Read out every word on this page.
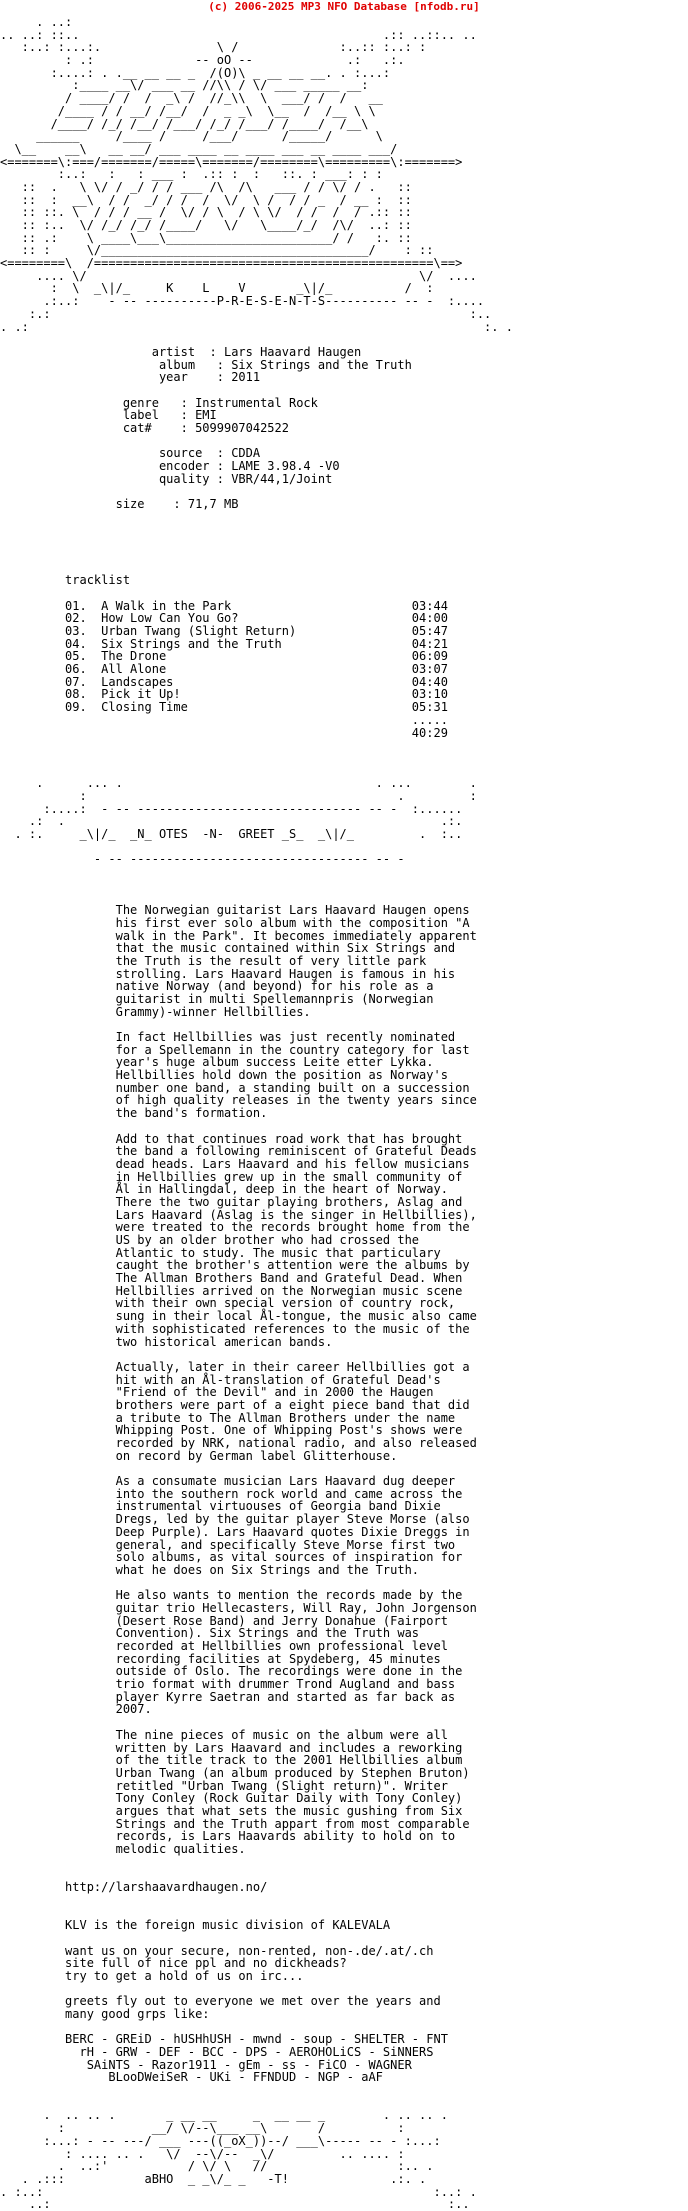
(c) 2006-2025 MP3 NFO Database [nfodb.ru]
. ..:
.. ..: ::..                                          .:: ..::.. ..
:..: :...:.                \ /              :..:: :..: :
: .:              -- oO --             .:   .:.
:....: . .__ __ __ _  /(O)\ _ __ __ __. . :...:
:____ __\/ ___ __ //\\ / \/ ___ _____ __:
/ ____/ /  /  _\ /  //_\\  \  ___/ /  /   __
/____ / / __/ /__/  /  _ _\  \__  /  /__ \ \
/____/ /_/ /__/ /___/ /_/ /___/ /____/  /__\
______     /____ /     /___/      /_____/      \
\__    __\   __ __/ ___ ____ __ ____ ___ __ ____ ___/
<=======\:===/=======/=====\=======/========\=========\:=======>
:..:   :   : ___ :  .:: :  :   ::. : ___: : :
::  .   \ \/ / _/ / / ___ /\  /\   ___ / / \/ / .   ::
::  :  __\  / /  _/ / /  /  \/  \ /  / / _  / __ :  ::
:: ::. \  / / / __ /  \/ / \  / \ \/  / /  /  / .:: ::
:: :..  \/ /_/ /_/ /____/   \/   \____/_/  /\/  ..: ::
:: .:    \ ____\___\_______________________/ /   :. ::
:: :     \/_____________________________________/    : ::
<========\  /===============================================\==>
.... \/                                              \/  ....
:  \  _\|/_     K    L    V       _\|/_          /  :
.:..:    - -- ----------P-R-E-S-E-N-T-S---------- -- -  :....
:.:                                                          :..
. .:                                                               :. .
artist  : Lars Haavard Haugen
album   : Six Strings and the Truth
year    : 2011
genre   : Instrumental Rock
label   : EMI
cat#    : 5099907042522
source  : CDDA
encoder : LAME 3.98.4 -V0
quality : VBR/44,1/Joint
size    : 71,7 MB
tracklist
01.  A Walk in the Park                         03:44
02.  How Low Can You Go?                        04:00
03.  Urban Twang (Slight Return)                05:47
04.  Six Strings and the Truth                  04:21
05.  The Drone                                  06:09
06.  All Alone                                  03:07
07.  Landscapes                                 04:40
08.  Pick it Up!                                03:10
09.  Closing Time                               05:31
.....
40:29
.      ... .                                   . ...        .
:                                           .         :
:....:  - -- ------------------------------- -- -  :......
.:  .                                                    .:.
. :.     _\|/_  _N_ OTES  -N-  GREET _S_  _\|/_         .  :..
- -- --------------------------------- -- -
The Norwegian guitarist Lars Haavard Haugen opens
his first ever solo album with the composition "A
walk in the Park". It becomes immediately apparent
that the music contained within Six Strings and
the Truth is the result of very little park
strolling. Lars Haavard Haugen is famous in his
native Norway (and beyond) for his role as a
guitarist in multi Spellemannpris (Norwegian
Grammy)-winner Hellbillies.
In fact Hellbillies was just recently nominated
for a Spellemann in the country category for last
year's huge album success Leite etter Lykka.
Hellbillies hold down the position as Norway's
number one band, a standing built on a succession
of high quality releases in the twenty years since
the band's formation.
Add to that continues road work that has brought
the band a following reminiscent of Grateful Deads
dead heads. Lars Haavard and his fellow musicians
in Hellbillies grew up in the small community of
Ål in Hallingdal, deep in the heart of Norway.
There the two guitar playing brothers, Aslag and
Lars Haavard (Aslag is the singer in Hellbillies),
were treated to the records brought home from the
US by an older brother who had crossed the
Atlantic to study. The music that particulary
caught the brother's attention were the albums by
The Allman Brothers Band and Grateful Dead. When
Hellbillies arrived on the Norwegian music scene
with their own special version of country rock,
sung in their local Ål-tongue, the music also came
with sophisticated references to the music of the
two historical american bands.
Actually, later in their career Hellbillies got a
hit with an Ål-translation of Grateful Dead's
"Friend of the Devil" and in 2000 the Haugen
brothers were part of a eight piece band that did
a tribute to The Allman Brothers under the name
Whipping Post. One of Whipping Post's shows were
recorded by NRK, national radio, and also released
on record by German label Glitterhouse.
As a consumate musician Lars Haavard dug deeper
into the southern rock world and came across the
instrumental virtuouses of Georgia band Dixie
Dregs, led by the guitar player Steve Morse (also
Deep Purple). Lars Haavard quotes Dixie Dreggs in
general, and specifically Steve Morse first two
solo albums, as vital sources of inspiration for
what he does on Six Strings and the Truth.
He also wants to mention the records made by the
guitar trio Hellecasters, Will Ray, John Jorgenson
(Desert Rose Band) and Jerry Donahue (Fairport
Convention). Six Strings and the Truth was
recorded at Hellbillies own professional level
recording facilities at Spydeberg, 45 minutes
outside of Oslo. The recordings were done in the
trio format with drummer Trond Augland and bass
player Kyrre Saetran and started as far back as
2007.
The nine pieces of music on the album were all
written by Lars Haavard and includes a reworking
of the title track to the 2001 Hellbillies album
Urban Twang (an album produced by Stephen Bruton)
retitled "Urban Twang (Slight return)". Writer
Tony Conley (Rock Guitar Daily with Tony Conley)
argues that what sets the music gushing from Six
Strings and the Truth appart from most comparable
records, is Lars Haavards ability to hold on to
melodic qualities.
http://larshaavardhaugen.no/
KLV is the foreign music division of KALEVALA
want us on your secure, non-rented, non-.de/.at/.ch
site full of nice ppl and no dickheads?
try to get a hold of us on irc...
greets fly out to everyone we met over the years and
many good grps like:
BERC - GREiD - hUSHhUSH - mwnd - soup - SHELTER - FNT
rH - GRW - DEF - BCC - DPS - AEROHOLiCS - SiNNERS
SAiNTS - Razor1911 - gEm - ss - FiCO - WAGNER
BLooDWeiSeR - UKi - FFNDUD - NGP - aAF
.  .. .. .       _ __ __     _  __ __ _        . .. .. .
:            __/ \/--\___ __\       /          :
:...: - -- ---/ ___ ---((_oX_))--/ ___\----- -- - :...:
: .... .. .   \/  --\/--  _\/         .. .... :
.  ..:'           / \/ \   //                  :.. .
. .:::           aBHO  _ _\/_ _   -T!              .:. .
. :..:                                                      :..: .
..:                                                       :..
